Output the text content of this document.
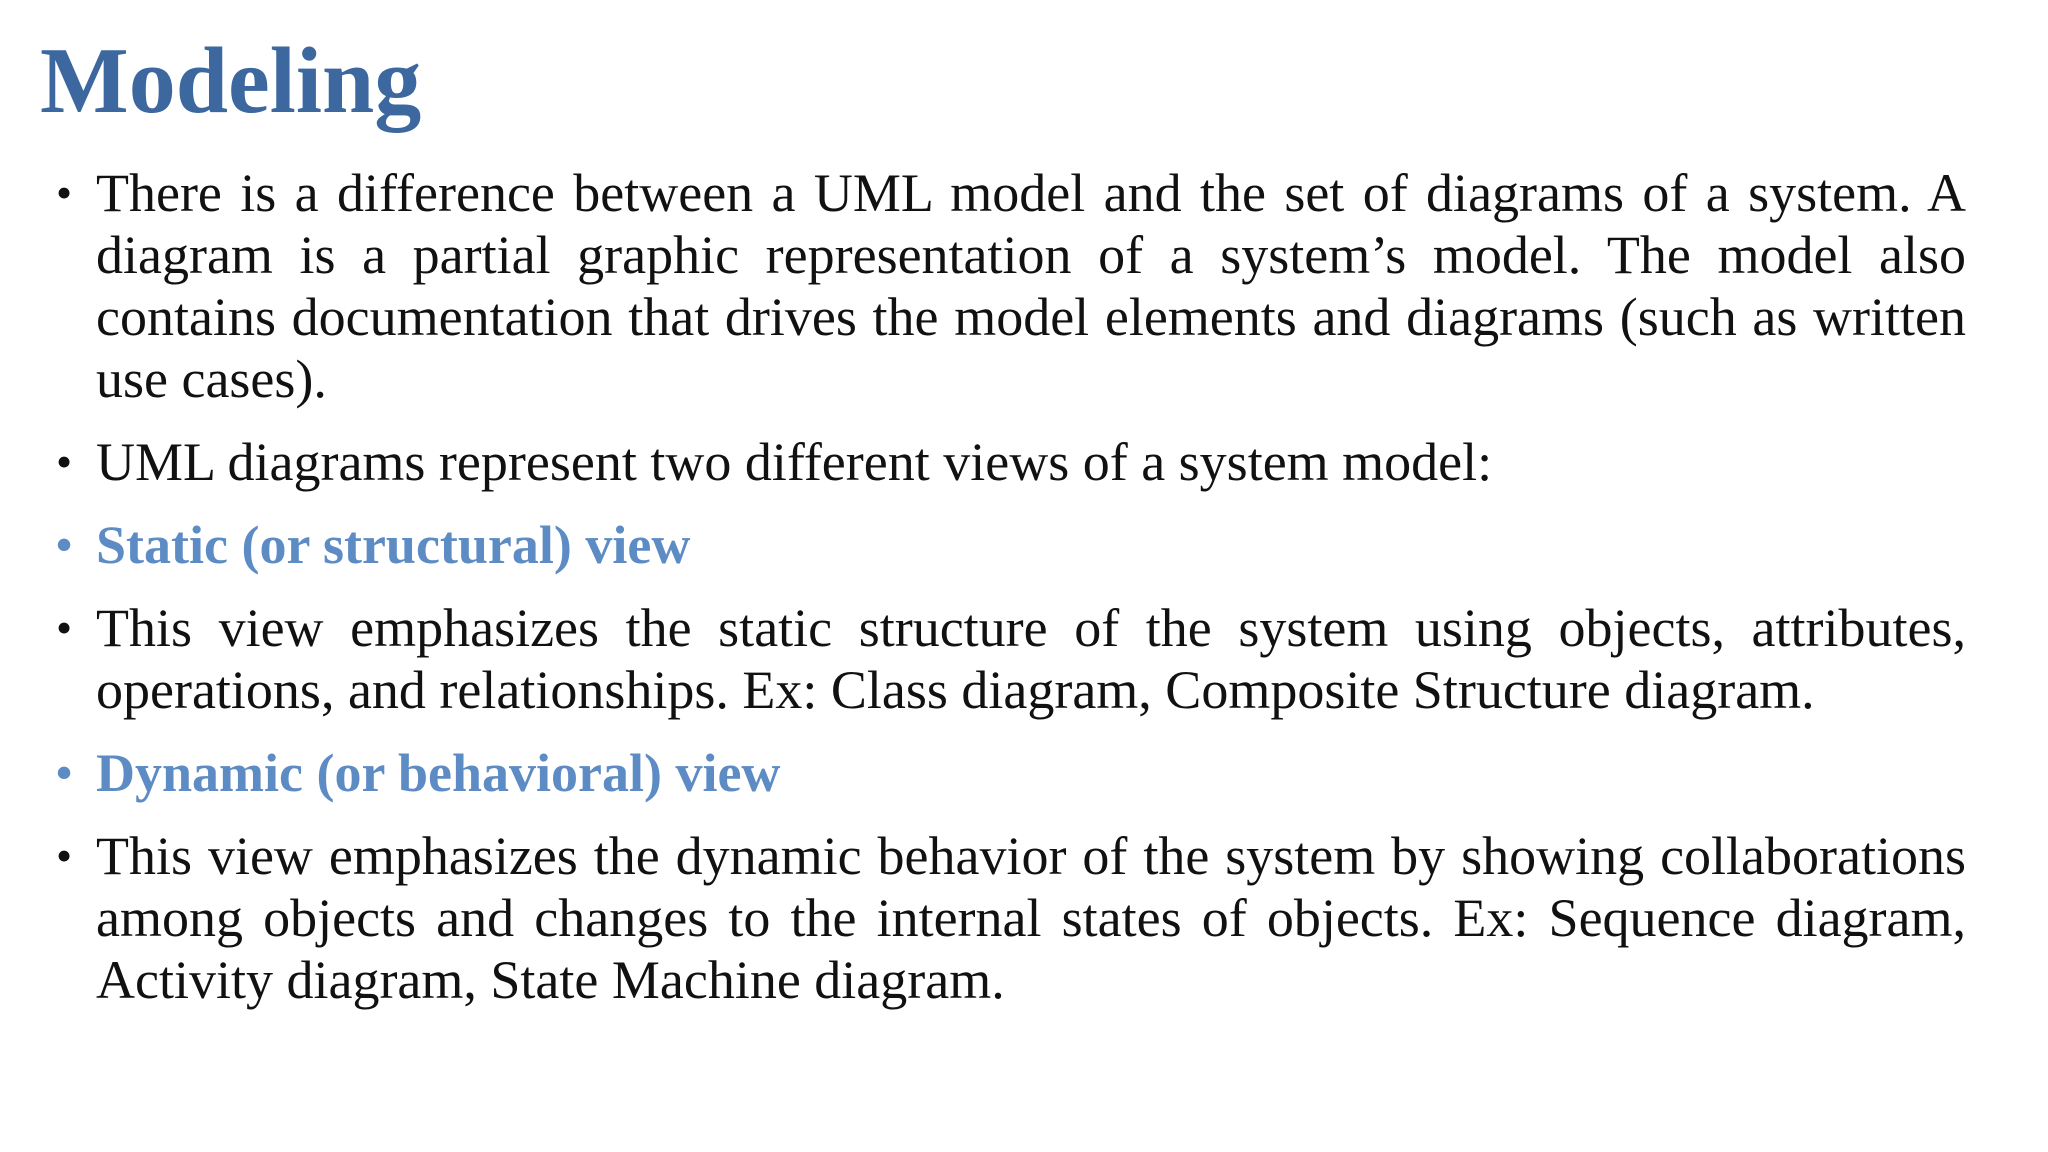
Modeling
• There is a difference between a UML model and the set of diagrams of a system. A diagram is a partial graphic representation of a system’s model. The model also contains documentation that drives the model elements and diagrams (such as written use cases).
• UML diagrams represent two different views of a system model:
• Static (or structural) view
• This view emphasizes the static structure of the system using objects, attributes, operations, and relationships. Ex: Class diagram, Composite Structure diagram.
• Dynamic (or behavioral) view
• This view emphasizes the dynamic behavior of the system by showing collaborations among objects and changes to the internal states of objects. Ex: Sequence diagram, Activity diagram, State Machine diagram.
